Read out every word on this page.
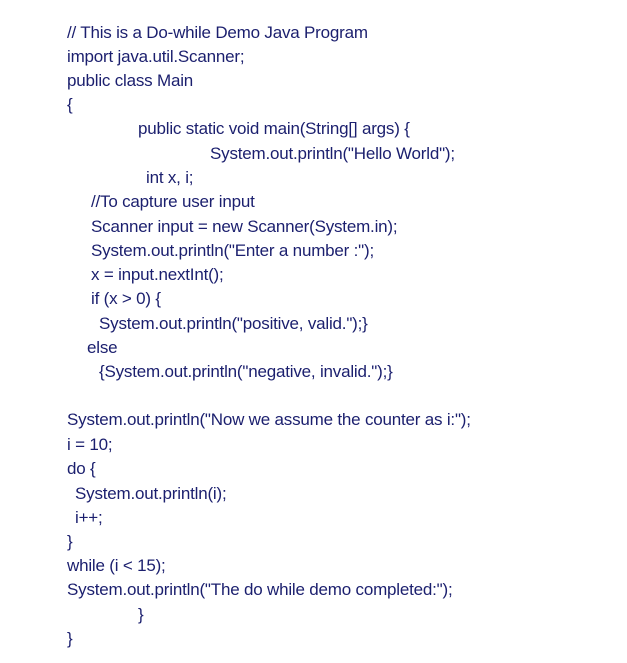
// This is a Do-while Demo Java Program

import java.util.Scanner;

public class Main

{

public static void main(String[] args) {

System.out.println("Hello World");

int x, i;

//To capture user input

Scanner input = new Scanner(System.in);

System.out.println("Enter a number :");

x = input.nextInt();

if (x > 0) {

System.out.println("positive, valid.");}

else

{System.out.println("negative, invalid.");}

System.out.println("Now we assume the counter as i:");

i = 10;

do {

System.out.println(i);

i++;

}

while (i < 15);

System.out.println("The do while demo completed:");

}

}
